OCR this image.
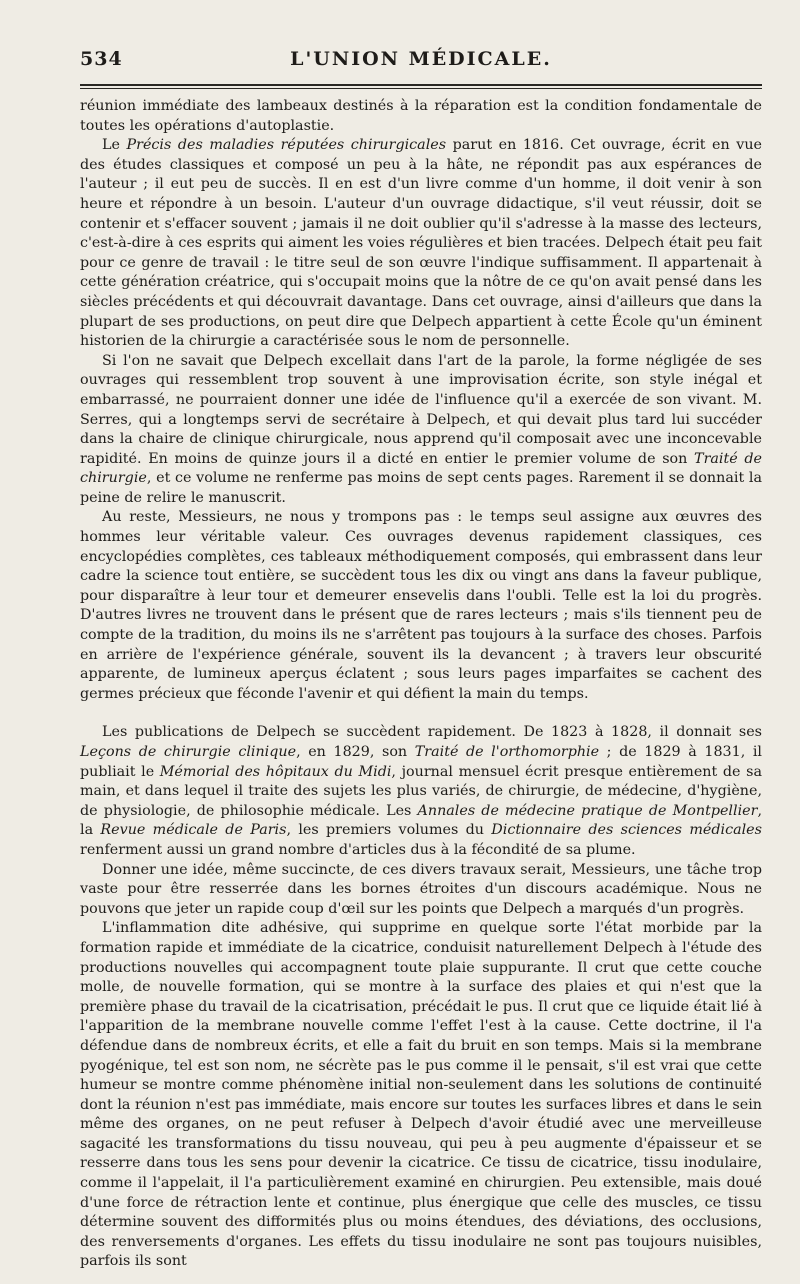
534	L'UNION MÉDICALE.

réunion immédiate des lambeaux destinés à la réparation est la condition fondamentale de toutes les opérations d'autoplastie.

Le Précis des maladies réputées chirurgicales parut en 1816. Cet ouvrage, écrit en vue des études classiques et composé un peu à la hâte, ne répondit pas aux espérances de l'auteur ; il eut peu de succès. Il en est d'un livre comme d'un homme, il doit venir à son heure et répondre à un besoin. L'auteur d'un ouvrage didactique, s'il veut réussir, doit se contenir et s'effacer souvent ; jamais il ne doit oublier qu'il s'adresse à la masse des lecteurs, c'est-à-dire à ces esprits qui aiment les voies régulières et bien tracées. Delpech était peu fait pour ce genre de travail : le titre seul de son œuvre l'indique suffisamment. Il appartenait à cette génération créatrice, qui s'occupait moins que la nôtre de ce qu'on avait pensé dans les siècles précédents et qui découvrait davantage. Dans cet ouvrage, ainsi d'ailleurs que dans la plupart de ses productions, on peut dire que Delpech appartient à cette École qu'un éminent historien de la chirurgie a caractérisée sous le nom de personnelle.

Si l'on ne savait que Delpech excellait dans l'art de la parole, la forme négligée de ses ouvrages qui ressemblent trop souvent à une improvisation écrite, son style inégal et embarrassé, ne pourraient donner une idée de l'influence qu'il a exercée de son vivant. M. Serres, qui a longtemps servi de secrétaire à Delpech, et qui devait plus tard lui succéder dans la chaire de clinique chirurgicale, nous apprend qu'il composait avec une inconcevable rapidité. En moins de quinze jours il a dicté en entier le premier volume de son Traité de chirurgie, et ce volume ne renferme pas moins de sept cents pages. Rarement il se donnait la peine de relire le manuscrit.

Au reste, Messieurs, ne nous y trompons pas : le temps seul assigne aux œuvres des hommes leur véritable valeur. Ces ouvrages devenus rapidement classiques, ces encyclopédies complètes, ces tableaux méthodiquement composés, qui embrassent dans leur cadre la science tout entière, se succèdent tous les dix ou vingt ans dans la faveur publique, pour disparaître à leur tour et demeurer ensevelis dans l'oubli. Telle est la loi du progrès. D'autres livres ne trouvent dans le présent que de rares lecteurs ; mais s'ils tiennent peu de compte de la tradition, du moins ils ne s'arrêtent pas toujours à la surface des choses. Parfois en arrière de l'expérience générale, souvent ils la devancent ; à travers leur obscurité apparente, de lumineux aperçus éclatent ; sous leurs pages imparfaites se cachent des germes précieux que féconde l'avenir et qui défient la main du temps.

Les publications de Delpech se succèdent rapidement. De 1823 à 1828, il donnait ses Leçons de chirurgie clinique, en 1829, son Traité de l'orthomorphie ; de 1829 à 1831, il publiait le Mémorial des hôpitaux du Midi, journal mensuel écrit presque entièrement de sa main, et dans lequel il traite des sujets les plus variés, de chirurgie, de médecine, d'hygiène, de physiologie, de philosophie médicale. Les Annales de médecine pratique de Montpellier, la Revue médicale de Paris, les premiers volumes du Dictionnaire des sciences médicales renferment aussi un grand nombre d'articles dus à la fécondité de sa plume.

Donner une idée, même succincte, de ces divers travaux serait, Messieurs, une tâche trop vaste pour être resserrée dans les bornes étroites d'un discours académique. Nous ne pouvons que jeter un rapide coup d'œil sur les points que Delpech a marqués d'un progrès.

L'inflammation dite adhésive, qui supprime en quelque sorte l'état morbide par la formation rapide et immédiate de la cicatrice, conduisit naturellement Delpech à l'étude des productions nouvelles qui accompagnent toute plaie suppurante. Il crut que cette couche molle, de nouvelle formation, qui se montre à la surface des plaies et qui n'est que la première phase du travail de la cicatrisation, précédait le pus. Il crut que ce liquide était lié à l'apparition de la membrane nouvelle comme l'effet l'est à la cause. Cette doctrine, il l'a défendue dans de nombreux écrits, et elle a fait du bruit en son temps. Mais si la membrane pyogénique, tel est son nom, ne sécrète pas le pus comme il le pensait, s'il est vrai que cette humeur se montre comme phénomène initial non-seulement dans les solutions de continuité dont la réunion n'est pas immédiate, mais encore sur toutes les surfaces libres et dans le sein même des organes, on ne peut refuser à Delpech d'avoir étudié avec une merveilleuse sagacité les transformations du tissu nouveau, qui peu à peu augmente d'épaisseur et se resserre dans tous les sens pour devenir la cicatrice. Ce tissu de cicatrice, tissu inodulaire, comme il l'appelait, il l'a particulièrement examiné en chirurgien. Peu extensible, mais doué d'une force de rétraction lente et continue, plus énergique que celle des muscles, ce tissu détermine souvent des difformités plus ou moins étendues, des déviations, des occlusions, des renversements d'organes. Les effets du tissu inodulaire ne sont pas toujours nuisibles, parfois ils sont
